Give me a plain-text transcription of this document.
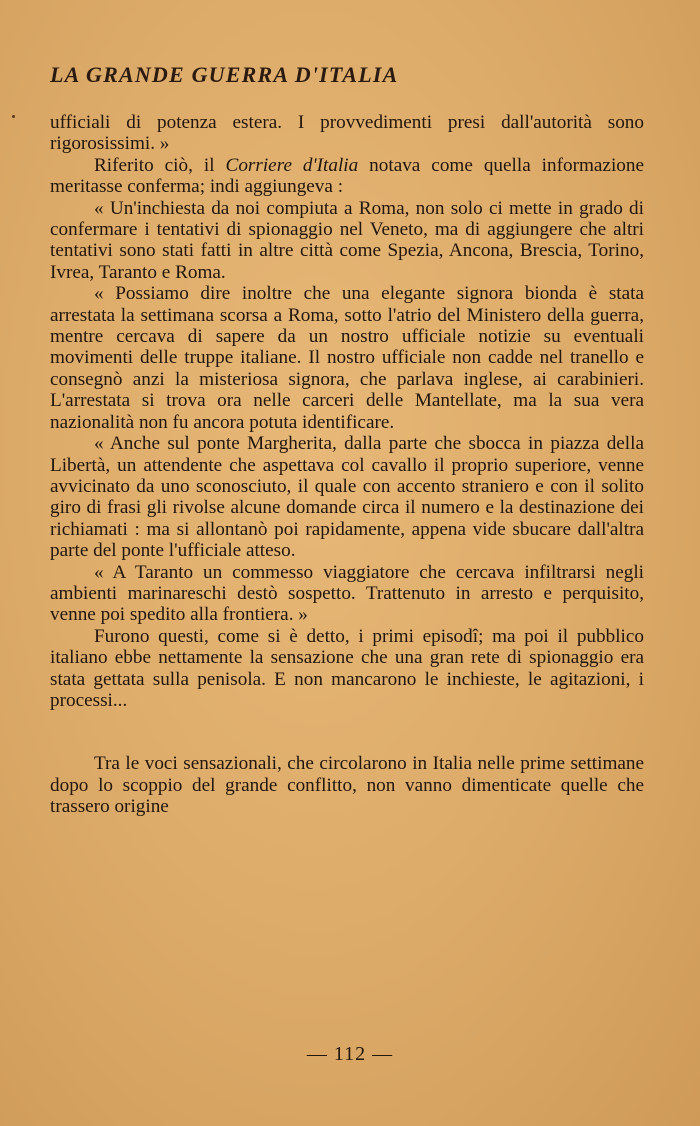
LA GRANDE GUERRA D'ITALIA

ufficiali di potenza estera. I provvedimenti presi dall'autorità sono rigorosissimi. »

Riferito ciò, il Corriere d'Italia notava come quella informazione meritasse conferma; indi aggiungeva :

« Un'inchiesta da noi compiuta a Roma, non solo ci mette in grado di confermare i tentativi di spionaggio nel Veneto, ma di aggiungere che altri tentativi sono stati fatti in altre città come Spezia, Ancona, Brescia, Torino, Ivrea, Taranto e Roma.

« Possiamo dire inoltre che una elegante signora bionda è stata arrestata la settimana scorsa a Roma, sotto l'atrio del Ministero della guerra, mentre cercava di sapere da un nostro ufficiale notizie su eventuali movimenti delle truppe italiane. Il nostro ufficiale non cadde nel tranello e consegnò anzi la misteriosa signora, che parlava inglese, ai carabinieri. L'arrestata si trova ora nelle carceri delle Mantellate, ma la sua vera nazionalità non fu ancora potuta identificare.

« Anche sul ponte Margherita, dalla parte che sbocca in piazza della Libertà, un attendente che aspettava col cavallo il proprio superiore, venne avvicinato da uno sconosciuto, il quale con accento straniero e con il solito giro di frasi gli rivolse alcune domande circa il numero e la destinazione dei richiamati : ma si allontanò poi rapidamente, appena vide sbucare dall'altra parte del ponte l'ufficiale atteso.

« A Taranto un commesso viaggiatore che cercava infiltrarsi negli ambienti marinareschi destò sospetto. Trattenuto in arresto e perquisito, venne poi spedito alla frontiera. »

Furono questi, come si è detto, i primi episodî; ma poi il pubblico italiano ebbe nettamente la sensazione che una gran rete di spionaggio era stata gettata sulla penisola. E non mancarono le inchieste, le agitazioni, i processi...

Tra le voci sensazionali, che circolarono in Italia nelle prime settimane dopo lo scoppio del grande conflitto, non vanno dimenticate quelle che trassero origine

— 112 —
